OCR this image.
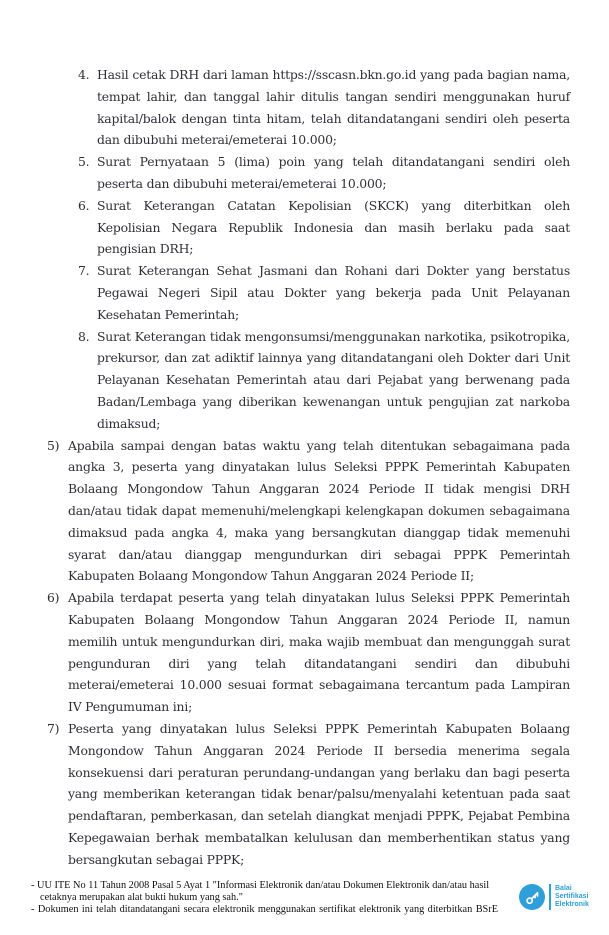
4. Hasil cetak DRH dari laman https://sscasn.bkn.go.id yang pada bagian nama, tempat lahir, dan tanggal lahir ditulis tangan sendiri menggunakan huruf kapital/balok dengan tinta hitam, telah ditandatangani sendiri oleh peserta dan dibubuhi meterai/emeterai 10.000;
5. Surat Pernyataan 5 (lima) poin yang telah ditandatangani sendiri oleh peserta dan dibubuhi meterai/emeterai 10.000;
6. Surat Keterangan Catatan Kepolisian (SKCK) yang diterbitkan oleh Kepolisian Negara Republik Indonesia dan masih berlaku pada saat pengisian DRH;
7. Surat Keterangan Sehat Jasmani dan Rohani dari Dokter yang berstatus Pegawai Negeri Sipil atau Dokter yang bekerja pada Unit Pelayanan Kesehatan Pemerintah;
8. Surat Keterangan tidak mengonsumsi/menggunakan narkotika, psikotropika, prekursor, dan zat adiktif lainnya yang ditandatangani oleh Dokter dari Unit Pelayanan Kesehatan Pemerintah atau dari Pejabat yang berwenang pada Badan/Lembaga yang diberikan kewenangan untuk pengujian zat narkoba dimaksud;
5) Apabila sampai dengan batas waktu yang telah ditentukan sebagaimana pada angka 3, peserta yang dinyatakan lulus Seleksi PPPK Pemerintah Kabupaten Bolaang Mongondow Tahun Anggaran 2024 Periode II tidak mengisi DRH dan/atau tidak dapat memenuhi/melengkapi kelengkapan dokumen sebagaimana dimaksud pada angka 4, maka yang bersangkutan dianggap tidak memenuhi syarat dan/atau dianggap mengundurkan diri sebagai PPPK Pemerintah Kabupaten Bolaang Mongondow Tahun Anggaran 2024 Periode II;
6) Apabila terdapat peserta yang telah dinyatakan lulus Seleksi PPPK Pemerintah Kabupaten Bolaang Mongondow Tahun Anggaran 2024 Periode II, namun memilih untuk mengundurkan diri, maka wajib membuat dan mengunggah surat pengunduran diri yang telah ditandatangani sendiri dan dibubuhi meterai/emeterai 10.000 sesuai format sebagaimana tercantum pada Lampiran IV Pengumuman ini;
7) Peserta yang dinyatakan lulus Seleksi PPPK Pemerintah Kabupaten Bolaang Mongondow Tahun Anggaran 2024 Periode II bersedia menerima segala konsekuensi dari peraturan perundang-undangan yang berlaku dan bagi peserta yang memberikan keterangan tidak benar/palsu/menyalahi ketentuan pada saat pendaftaran, pemberkasan, dan setelah diangkat menjadi PPPK, Pejabat Pembina Kepegawaian berhak membatalkan kelulusan dan memberhentikan status yang bersangkutan sebagai PPPK;

- UU ITE No 11 Tahun 2008 Pasal 5 Ayat 1 "Informasi Elektronik dan/atau Dokumen Elektronik dan/atau hasil cetaknya merupakan alat bukti hukum yang sah."

- Dokumen ini telah ditandatangani secara elektronik menggunakan sertifikat elektronik yang diterbitkan BSrE

Balai
Sertifikasi
Elektronik
